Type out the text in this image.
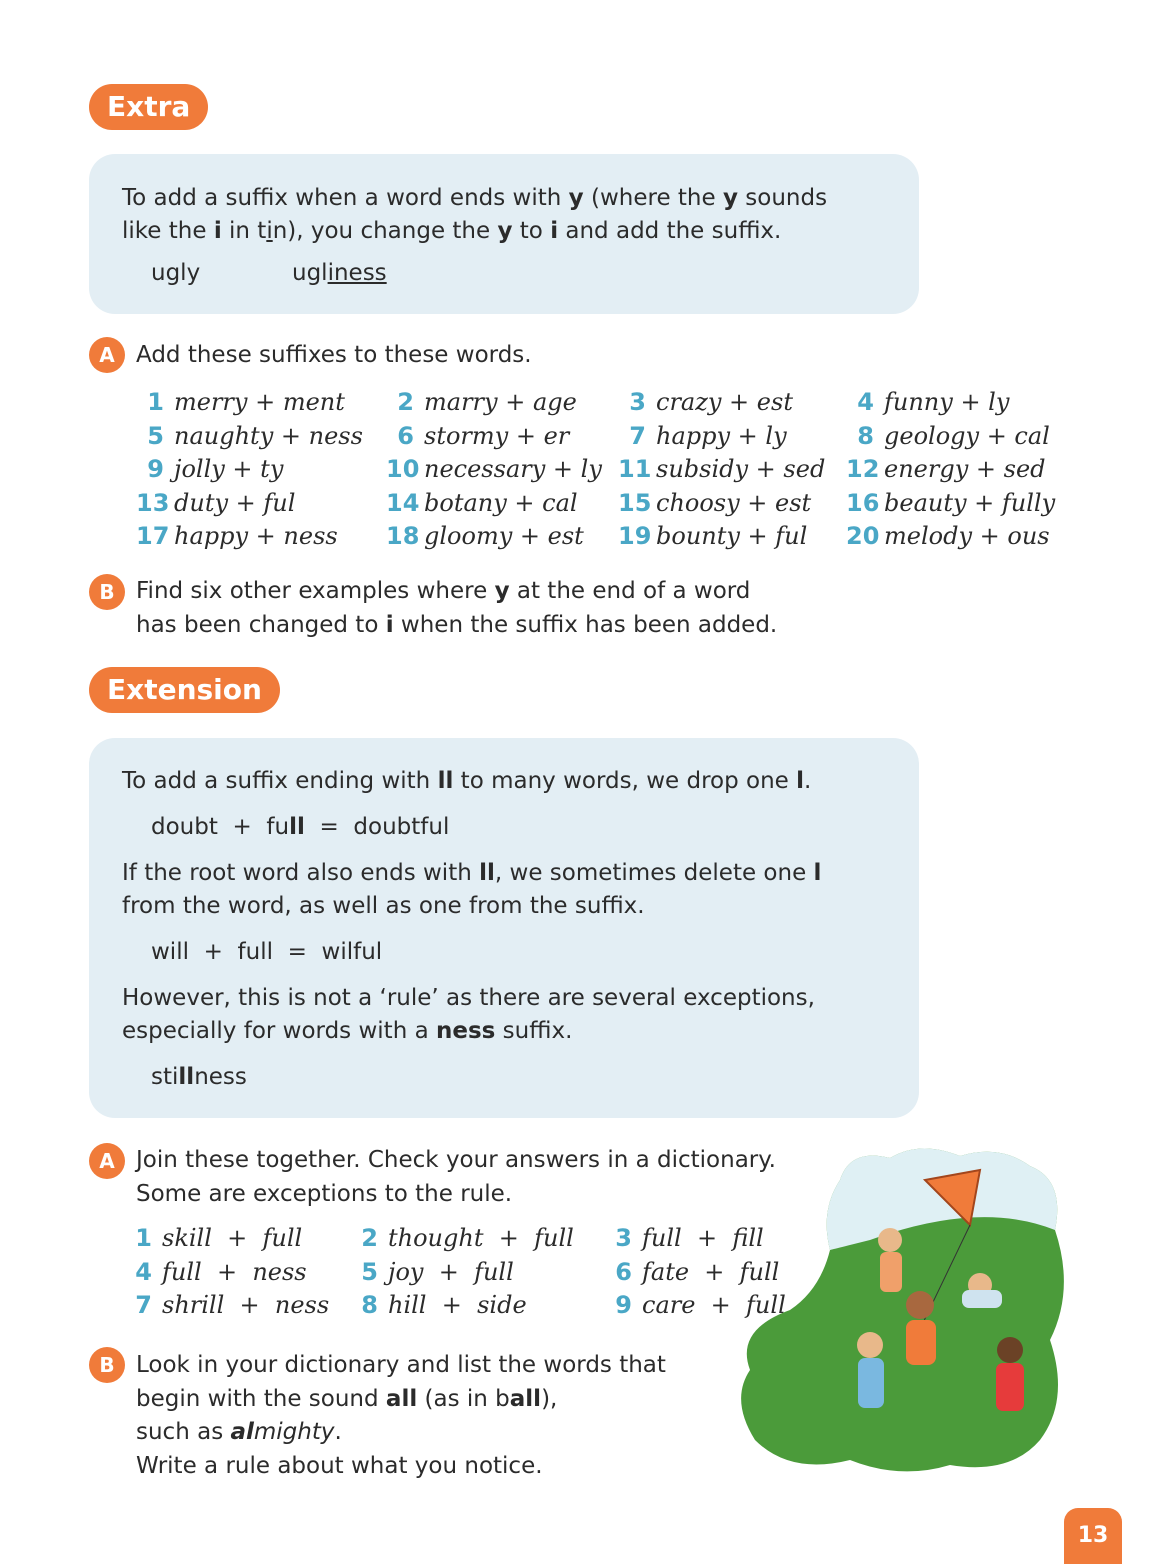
Extra
To add a suffix when a word ends with y (where the y sounds
like the i in tin), you change the y to i and add the suffix.
ugly	ugliness
A Add these suffixes to these words.
1 merry + ment	2 marry + age	3 crazy + est	4 funny + ly
5 naughty + ness	6 stormy + er	7 happy + ly	8 geology + cal
9 jolly + ty	10 necessary + ly 11 subsidy + sed 12 energy + sed
13 duty + ful	14 botany + cal 15 choosy + est 16 beauty + fully
17 happy + ness 18 gloomy + est 19 bounty + ful 20 melody + ous
B Find six other examples where y at the end of a word
has been changed to i when the suffix has been added.
Extension
To add a suffix ending with ll to many words, we drop one l.
doubt + full = doubtful
If the root word also ends with ll, we sometimes delete one l
from the word, as well as one from the suffix.
will + full = wilful
However, this is not a ‘rule’ as there are several exceptions,
especially for words with a ness suffix.
stillness
A Join these together. Check your answers in a dictionary.
Some are exceptions to the rule.
1 skill  +  full 2 thought  +  full 3 full  +  fill
4 full  +  ness 5 joy  +  full	6 fate  +  full
7 shrill  +  ness 8 hill  +  side	9 care  +  full
B Look in your dictionary and list the words that
begin with the sound all (as in ball),
such as almighty.
Write a rule about what you notice.
13
